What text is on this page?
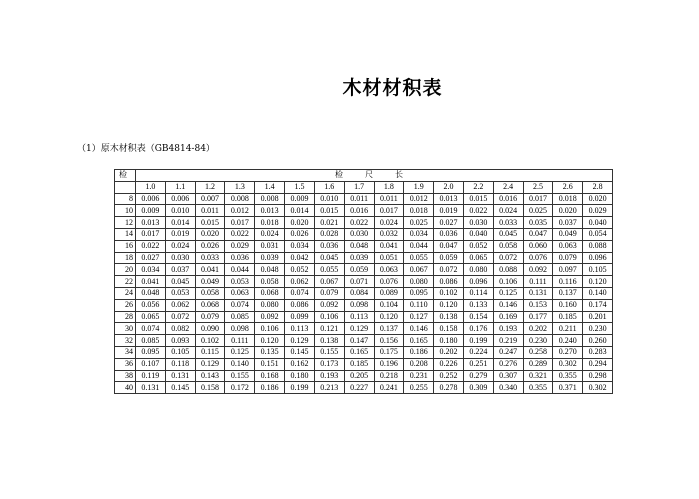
木材材积表
（1）原木材积表（GB4814-84）
检	检 尺 长															
	1.0	1.1	1.2	1.3	1.4	1.5	1.6	1.7	1.8	1.9	2.0	2.2	2.4	2.5	2.6	2.8
8	0.006	0.006	0.007	0.008	0.008	0.009	0.010	0.011	0.011	0.012	0.013	0.015	0.016	0.017	0.018	0.020
10	0.009	0.010	0.011	0.012	0.013	0.014	0.015	0.016	0.017	0.018	0.019	0.022	0.024	0.025	0.020	0.029
12	0.013	0.014	0.015	0.017	0.018	0.020	0.021	0.022	0.024	0.025	0.027	0.030	0.033	0.035	0.037	0.040
14	0.017	0.019	0.020	0.022	0.024	0.026	0.028	0.030	0.032	0.034	0.036	0.040	0.045	0.047	0.049	0.054
16	0.022	0.024	0.026	0.029	0.031	0.034	0.036	0.048	0.041	0.044	0.047	0.052	0.058	0.060	0.063	0.088
18	0.027	0.030	0.033	0.036	0.039	0.042	0.045	0.039	0.051	0.055	0.059	0.065	0.072	0.076	0.079	0.096
20	0.034	0.037	0.041	0.044	0.048	0.052	0.055	0.059	0.063	0.067	0.072	0.080	0.088	0.092	0.097	0.105
22	0.041	0.045	0.049	0.053	0.058	0.062	0.067	0.071	0.076	0.080	0.086	0.096	0.106	0.111	0.116	0.120
24	0.048	0.053	0.058	0.063	0.068	0.074	0.079	0.084	0.089	0.095	0.102	0.114	0.125	0.131	0.137	0.140
26	0.056	0.062	0.068	0.074	0.080	0.086	0.092	0.098	0.104	0.110	0.120	0.133	0.146	0.153	0.160	0.174
28	0.065	0.072	0.079	0.085	0.092	0.099	0.106	0.113	0.120	0.127	0.138	0.154	0.169	0.177	0.185	0.201
30	0.074	0.082	0.090	0.098	0.106	0.113	0.121	0.129	0.137	0.146	0.158	0.176	0.193	0.202	0.211	0.230
32	0.085	0.093	0.102	0.111	0.120	0.129	0.138	0.147	0.156	0.165	0.180	0.199	0.219	0.230	0.240	0.260
34	0.095	0.105	0.115	0.125	0.135	0.145	0.155	0.165	0.175	0.186	0.202	0.224	0.247	0.258	0.270	0.283
36	0.107	0.118	0.129	0.140	0.151	0.162	0.173	0.185	0.196	0.208	0.226	0.251	0.276	0.289	0.302	0.294
38	0.119	0.131	0.143	0.155	0.168	0.180	0.193	0.205	0.218	0.231	0.252	0.279	0.307	0.321	0.355	0.298
40	0.131	0.145	0.158	0.172	0.186	0.199	0.213	0.227	0.241	0.255	0.278	0.309	0.340	0.355	0.371	0.302
